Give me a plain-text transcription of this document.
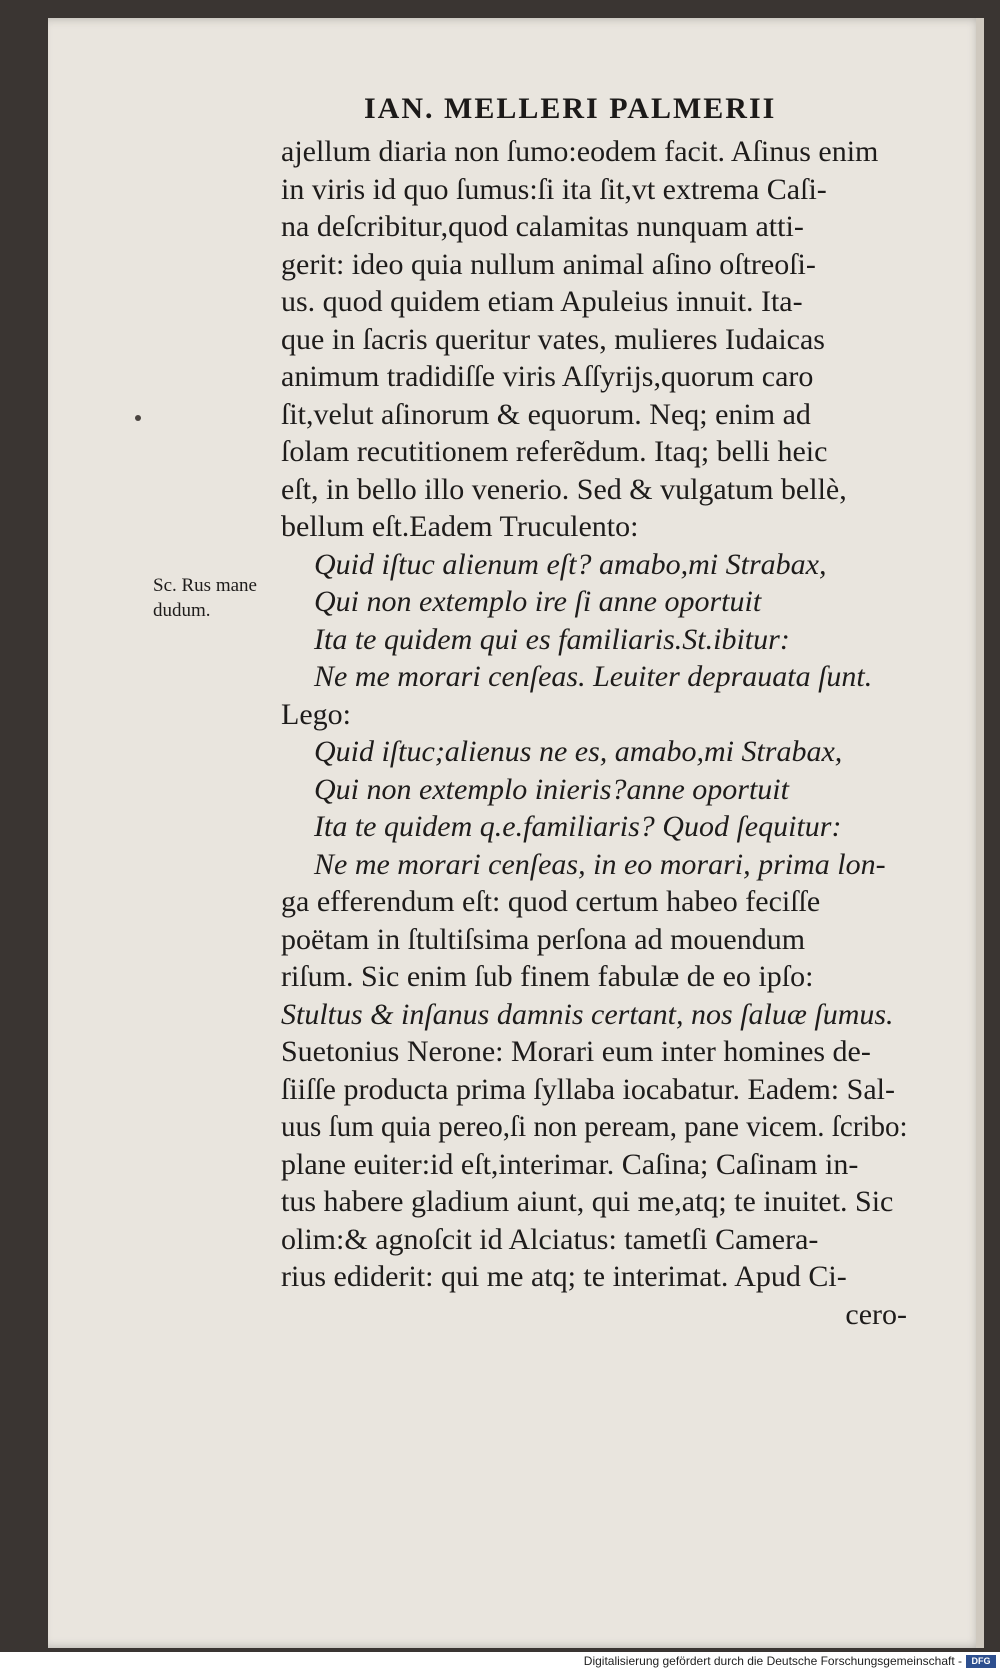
IAN. MELLERI PALMERII
Sc. Rus mane
dudum.
ajellum diaria non ſumo:eodem facit. Aſinus enim
in viris id quo ſumus:ſi ita ſit,vt extrema Caſi-
na deſcribitur,quod calamitas nunquam atti-
gerit: ideo quia nullum animal aſino oſtreoſi-
us. quod quidem etiam Apuleius innuit. Ita-
que in ſacris queritur vates, mulieres Iudaicas
animum tradidiſſe viris Aſſyrijs,quorum caro
ſit,velut aſinorum & equorum. Neq; enim ad
ſolam recutitionem referẽdum. Itaq; belli heic
eſt, in bello illo venerio. Sed & vulgatum bellè,
bellum eſt.Eadem Truculento:
Quid iſtuc alienum eſt? amabo,mi Strabax,
Qui non extemplo ire ſi anne oportuit
Ita te quidem qui es familiaris.St.ibitur:
Ne me morari cenſeas. Leuiter deprauata ſunt.
Lego:
Quid iſtuc;alienus ne es, amabo,mi Strabax,
Qui non extemplo inieris?anne oportuit
Ita te quidem q.e.familiaris? Quod ſequitur:
Ne me morari cenſeas, in eo morari, prima lon-
ga efferendum eſt: quod certum habeo feciſſe
poëtam in ſtultiſsima perſona ad mouendum
riſum. Sic enim ſub finem fabulæ de eo ipſo:
Stultus & inſanus damnis certant, nos ſaluæ ſumus.
Suetonius Nerone: Morari eum inter homines de-
ſiiſſe producta prima ſyllaba iocabatur. Eadem: Sal-
uus ſum quia pereo,ſi non peream, pane vicem. ſcribo:
plane euiter:id eſt,interimar. Caſina; Caſinam in-
tus habere gladium aiunt, qui me,atq; te inuitet. Sic
olim:& agnoſcit id Alciatus: tametſi Camera-
rius ediderit: qui me atq; te interimat. Apud Ci-
cero-
Digitalisierung gefördert durch die Deutsche Forschungsgemeinschaft -	DFG
